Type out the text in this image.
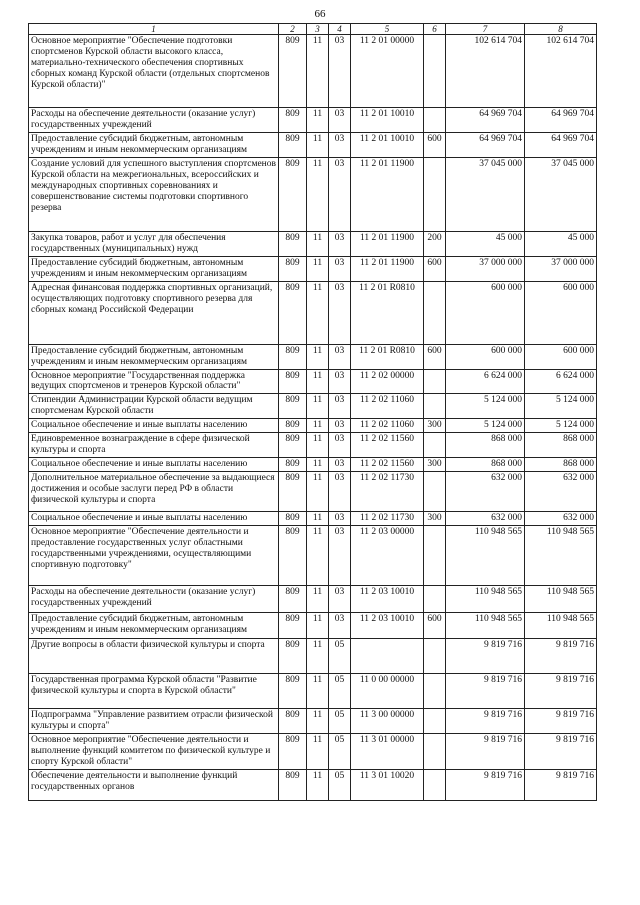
66
1	2	3	4	5	6	7	8
Основное мероприятие "Обеспечение подготовки спортсменов Курской области высокого класса, материально-технического обеспечения спортивных сборных команд Курской области (отдельных спортсменов Курской области)"	809	11	03	11 2 01 00000		102 614 704	102 614 704
Расходы на обеспечение деятельности (оказание услуг) государственных учреждений	809	11	03	11 2 01 10010		64 969 704	64 969 704
Предоставление субсидий бюджетным, автономным учреждениям и иным некоммерческим организациям	809	11	03	11 2 01 10010	600	64 969 704	64 969 704
Создание условий для успешного выступления спортсменов Курской области на межрегиональных, всероссийских и международных спортивных соревнованиях и совершенствование системы подготовки спортивного резерва	809	11	03	11 2 01 11900		37 045 000	37 045 000
Закупка товаров, работ и услуг для обеспечения государственных (муниципальных) нужд	809	11	03	11 2 01 11900	200	45 000	45 000
Предоставление субсидий бюджетным, автономным учреждениям и иным некоммерческим организациям	809	11	03	11 2 01 11900	600	37 000 000	37 000 000
Адресная финансовая поддержка спортивных организаций, осуществляющих подготовку спортивного резерва для сборных команд Российской Федерации	809	11	03	11 2 01 R0810		600 000	600 000
Предоставление субсидий бюджетным, автономным учреждениям и иным некоммерческим организациям	809	11	03	11 2 01 R0810	600	600 000	600 000
Основное мероприятие "Государственная поддержка ведущих спортсменов и тренеров Курской области"	809	11	03	11 2 02 00000		6 624 000	6 624 000
Стипендии Администрации Курской области ведущим спортсменам Курской области	809	11	03	11 2 02 11060		5 124 000	5 124 000
Социальное обеспечение и иные выплаты населению	809	11	03	11 2 02 11060	300	5 124 000	5 124 000
Единовременное вознаграждение в сфере физической культуры и спорта	809	11	03	11 2 02 11560		868 000	868 000
Социальное обеспечение и иные выплаты населению	809	11	03	11 2 02 11560	300	868 000	868 000
Дополнительное материальное обеспечение за выдающиеся достижения и особые заслуги перед РФ в области физической культуры и спорта	809	11	03	11 2 02 11730		632 000	632 000
Социальное обеспечение и иные выплаты населению	809	11	03	11 2 02 11730	300	632 000	632 000
Основное мероприятие "Обеспечение деятельности и предоставление государственных услуг областными государственными учреждениями, осуществляющими спортивную подготовку"	809	11	03	11 2 03 00000		110 948 565	110 948 565
Расходы на обеспечение деятельности (оказание услуг) государственных учреждений	809	11	03	11 2 03 10010		110 948 565	110 948 565
Предоставление субсидий бюджетным, автономным учреждениям и иным некоммерческим организациям	809	11	03	11 2 03 10010	600	110 948 565	110 948 565
Другие вопросы в области физической культуры и спорта	809	11	05			9 819 716	9 819 716
Государственная программа Курской области "Развитие физической культуры и спорта в Курской области"	809	11	05	11 0 00 00000		9 819 716	9 819 716
Подпрограмма "Управление развитием отрасли физической культуры и спорта"	809	11	05	11 3 00 00000		9 819 716	9 819 716
Основное мероприятие "Обеспечение деятельности и выполнение функций комитетом по физической культуре и спорту Курской области"	809	11	05	11 3 01 00000		9 819 716	9 819 716
Обеспечение деятельности и выполнение функций государственных органов	809	11	05	11 3 01 10020		9 819 716	9 819 716
